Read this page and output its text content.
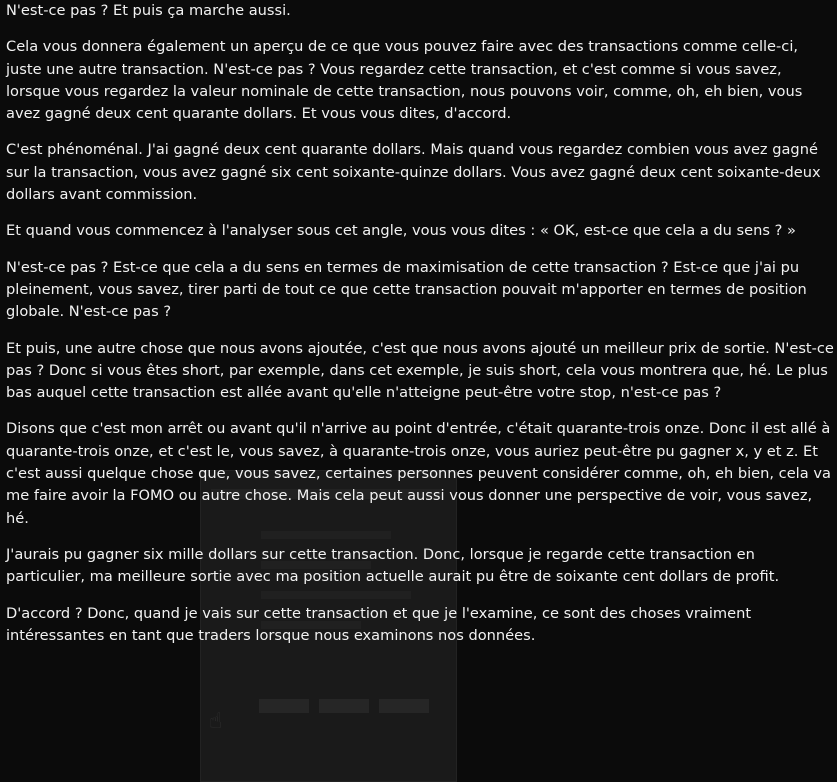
☝

N'est-ce pas ? Et puis ça marche aussi.

Cela vous donnera également un aperçu de ce que vous pouvez faire avec des transactions comme celle-ci, juste une autre transaction. N'est-ce pas ? Vous regardez cette transaction, et c'est comme si vous savez, lorsque vous regardez la valeur nominale de cette transaction, nous pouvons voir, comme, oh, eh bien, vous avez gagné deux cent quarante dollars. Et vous vous dites, d'accord.

C'est phénoménal. J'ai gagné deux cent quarante dollars. Mais quand vous regardez combien vous avez gagné sur la transaction, vous avez gagné six cent soixante-quinze dollars. Vous avez gagné deux cent soixante-deux dollars avant commission.

Et quand vous commencez à l'analyser sous cet angle, vous vous dites : « OK, est-ce que cela a du sens ? »

N'est-ce pas ? Est-ce que cela a du sens en termes de maximisation de cette transaction ? Est-ce que j'ai pu pleinement, vous savez, tirer parti de tout ce que cette transaction pouvait m'apporter en termes de position globale. N'est-ce pas ?

Et puis, une autre chose que nous avons ajoutée, c'est que nous avons ajouté un meilleur prix de sortie. N'est-ce pas ? Donc si vous êtes short, par exemple, dans cet exemple, je suis short, cela vous montrera que, hé. Le plus bas auquel cette transaction est allée avant qu'elle n'atteigne peut-être votre stop, n'est-ce pas ?

Disons que c'est mon arrêt ou avant qu'il n'arrive au point d'entrée, c'était quarante-trois onze. Donc il est allé à quarante-trois onze, et c'est le, vous savez, à quarante-trois onze, vous auriez peut-être pu gagner x, y et z. Et c'est aussi quelque chose que, vous savez, certaines personnes peuvent considérer comme, oh, eh bien, cela va me faire avoir la FOMO ou autre chose. Mais cela peut aussi vous donner une perspective de voir, vous savez, hé.

J'aurais pu gagner six mille dollars sur cette transaction. Donc, lorsque je regarde cette transaction en particulier, ma meilleure sortie avec ma position actuelle aurait pu être de soixante cent dollars de profit.

D'accord ? Donc, quand je vais sur cette transaction et que je l'examine, ce sont des choses vraiment intéressantes en tant que traders lorsque nous examinons nos données.
